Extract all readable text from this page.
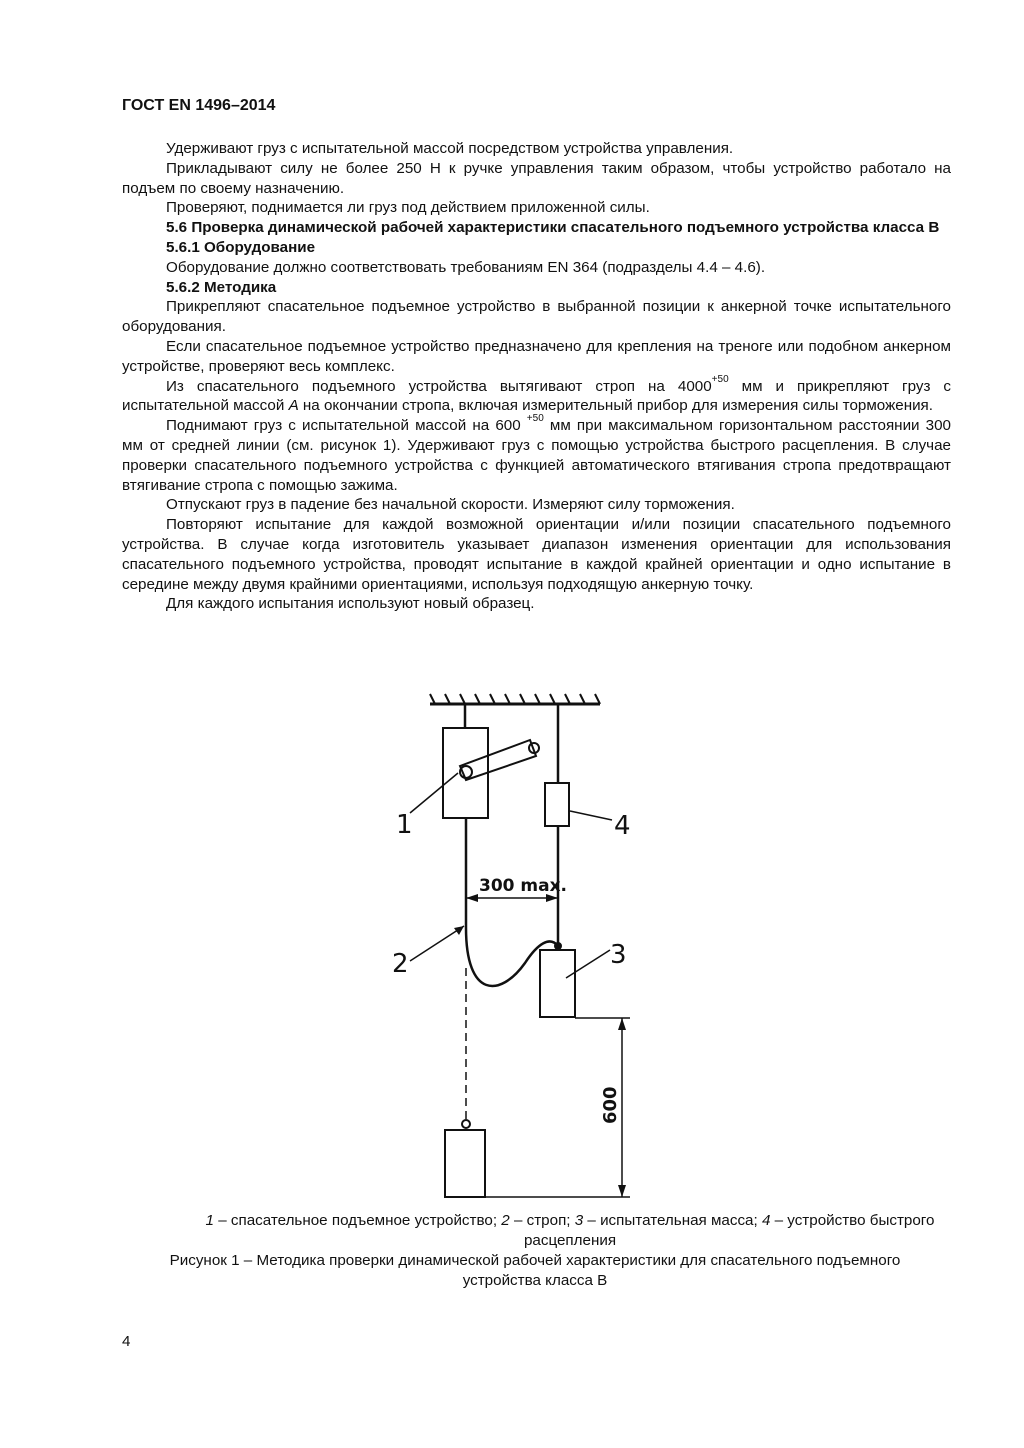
ГОСТ EN 1496–2014

Удерживают груз с испытательной массой посредством устройства управления.

Прикладывают силу не более 250 Н к ручке управления таким образом, чтобы устройство работало на подъем по своему назначению.

Проверяют, поднимается ли груз под действием приложенной силы.

5.6 Проверка динамической рабочей характеристики спасательного подъемного устройства класса В

5.6.1 Оборудование

Оборудование должно соответствовать требованиям EN 364 (подразделы 4.4 – 4.6).

5.6.2 Методика

Прикрепляют спасательное подъемное устройство в выбранной позиции к анкерной точке испытательного оборудования.

Если спасательное подъемное устройство предназначено для крепления на треноге или подобном анкерном устройстве, проверяют весь комплекс.

Из спасательного подъемного устройства вытягивают строп на $4000^{+50}$ мм и прикрепляют груз с испытательной массой А на окончании стропа, включая измерительный прибор для измерения силы торможения.

Поднимают груз с испытательной массой на 600 $^{+50}$ мм при максимальном горизонтальном расстоянии 300 мм от средней линии (см. рисунок 1). Удерживают груз с помощью устройства быстрого расцепления. В случае проверки спасательного подъемного устройства с функцией автоматического втягивания стропа предотвращают втягивание стропа с помощью зажима.

Отпускают груз в падение без начальной скорости. Измеряют силу торможения.

Повторяют испытание для каждой возможной ориентации и/или позиции спасательного подъемного устройства. В случае когда изготовитель указывает диапазон изменения ориентации для использования спасательного подъемного устройства, проводят испытание в каждой крайней ориентации и одно испытание в середине между двумя крайними ориентациями, используя подходящую анкерную точку.

Для каждого испытания используют новый образец.

1	4
2	3
300 max.
600
1 – спасательное подъемное устройство; 2 – строп; 3 – испытательная масса; 4 – устройство быстрого расцепления
Рисунок 1 – Методика проверки динамической рабочей характеристики для спасательного подъемного устройства класса В
4
